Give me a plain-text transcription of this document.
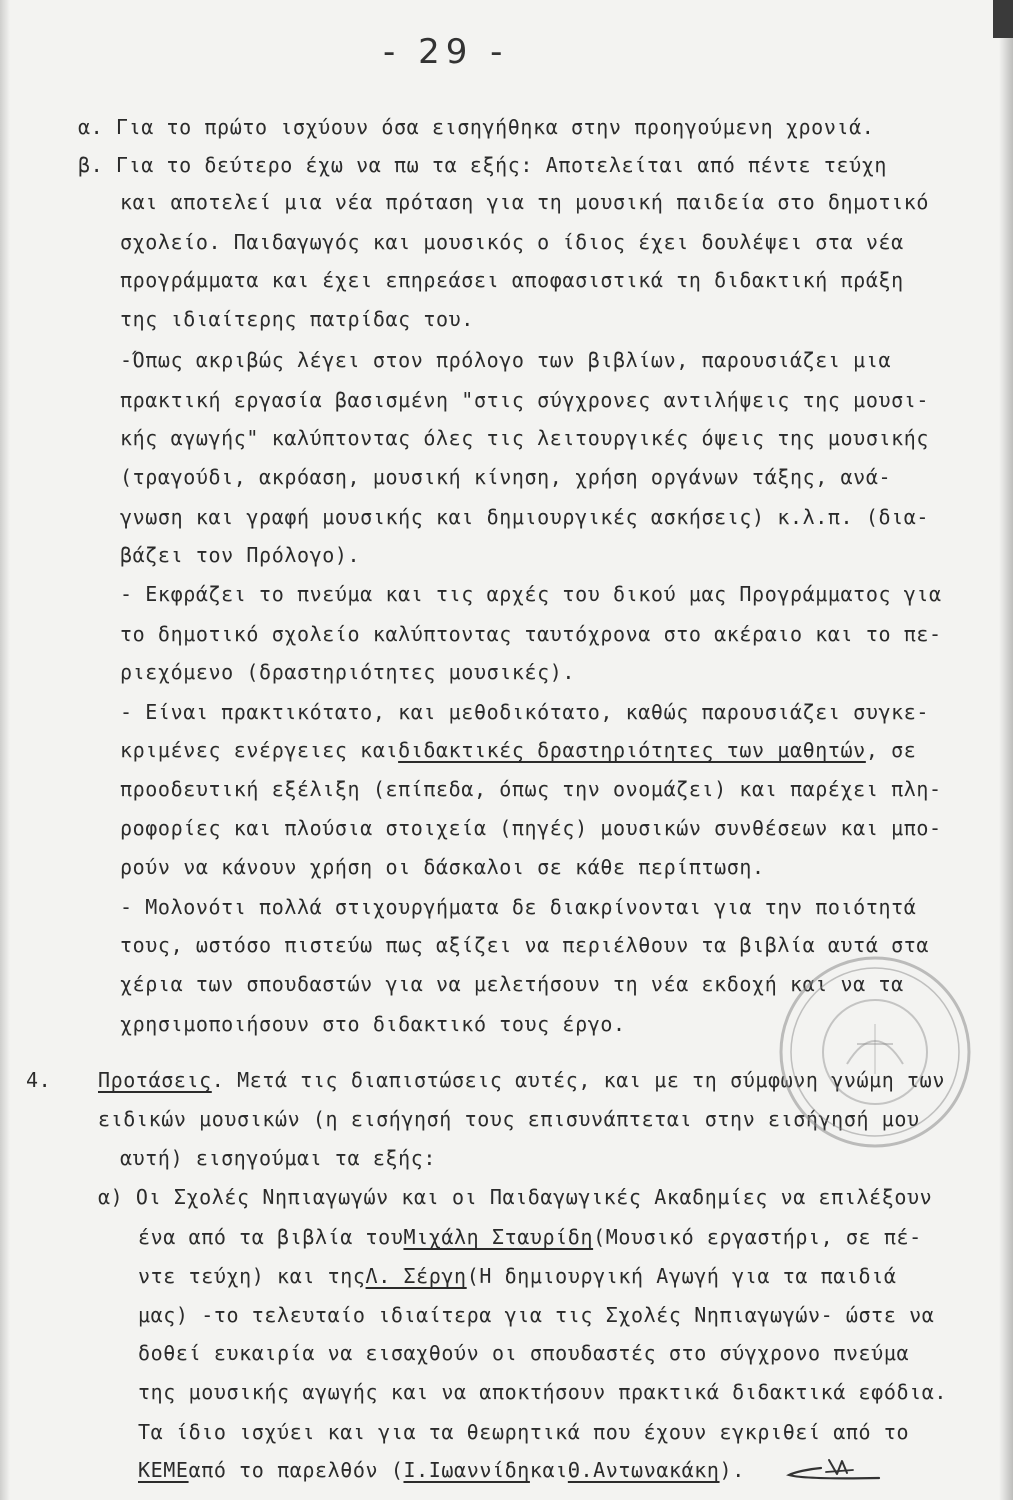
- 29 -
α. Για το πρώτο ισχύουν όσα εισηγήθηκα στην προηγούμενη χρονιά.
β. Για το δεύτερο έχω να πω τα εξής: Αποτελείται από πέντε τεύχη
και αποτελεί μια νέα πρόταση για τη μουσική παιδεία στο δημοτικό
σχολείο. Παιδαγωγός και μουσικός ο ίδιος έχει δουλέψει στα νέα
προγράμματα και έχει επηρεάσει αποφασιστικά τη διδακτική πράξη
της ιδιαίτερης πατρίδας του.
-Όπως ακριβώς λέγει στον πρόλογο των βιβλίων, παρουσιάζει μια
πρακτική εργασία βασισμένη "στις σύγχρονες αντιλήψεις της μουσι-
κής αγωγής" καλύπτοντας όλες τις λειτουργικές όψεις της μουσικής
(τραγούδι, ακρόαση, μουσική κίνηση, χρήση οργάνων τάξης, ανά-
γνωση και γραφή μουσικής και δημιουργικές ασκήσεις) κ.λ.π. (δια-
βάζει τον Πρόλογο).
- Εκφράζει το πνεύμα και τις αρχές του δικού μας Προγράμματος για
το δημοτικό σχολείο καλύπτοντας ταυτόχρονα στο ακέραιο και το πε-
ριεχόμενο (δραστηριότητες μουσικές).
- Είναι πρακτικότατο, και μεθοδικότατο, καθώς παρουσιάζει συγκε-
κριμένες ενέργειες καιδιδακτικές δραστηριότητες των μαθητών, σε
προοδευτική εξέλιξη (επίπεδα, όπως την ονομάζει) και παρέχει πλη-
ροφορίες και πλούσια στοιχεία (πηγές) μουσικών συνθέσεων και μπο-
ρούν να κάνουν χρήση οι δάσκαλοι σε κάθε περίπτωση.
- Μολονότι πολλά στιχουργήματα δε διακρίνονται για την ποιότητά
τους, ωστόσο πιστεύω πως αξίζει να περιέλθουν τα βιβλία αυτά στα
χέρια των σπουδαστών για να μελετήσουν τη νέα εκδοχή και να τα
χρησιμοποιήσουν στο διδακτικό τους έργο.
4. Προτάσεις. Μετά τις διαπιστώσεις αυτές, και με τη σύμφωνη γνώμη των
ειδικών μουσικών (η εισήγησή τους επισυνάπτεται στην εισήγησή μου
αυτή) εισηγούμαι τα εξής:
α) Οι Σχολές Νηπιαγωγών και οι Παιδαγωγικές Ακαδημίες να επιλέξουν
ένα από τα βιβλία τουΜιχάλη Σταυρίδη(Μουσικό εργαστήρι, σε πέ-
ντε τεύχη) και τηςΛ. Σέργη(Η δημιουργική Αγωγή για τα παιδιά
μας) -το τελευταίο ιδιαίτερα για τις Σχολές Νηπιαγωγών- ώστε να
δοθεί ευκαιρία να εισαχθούν οι σπουδαστές στο σύγχρονο πνεύμα
της μουσικής αγωγής και να αποκτήσουν πρακτικά διδακτικά εφόδια.
Τα ίδιο ισχύει και για τα θεωρητικά που έχουν εγκριθεί από το
ΚΕΜΕαπό το παρελθόν (Ι.ΙωαννίδηκαιΘ.Αντωνακάκη).
